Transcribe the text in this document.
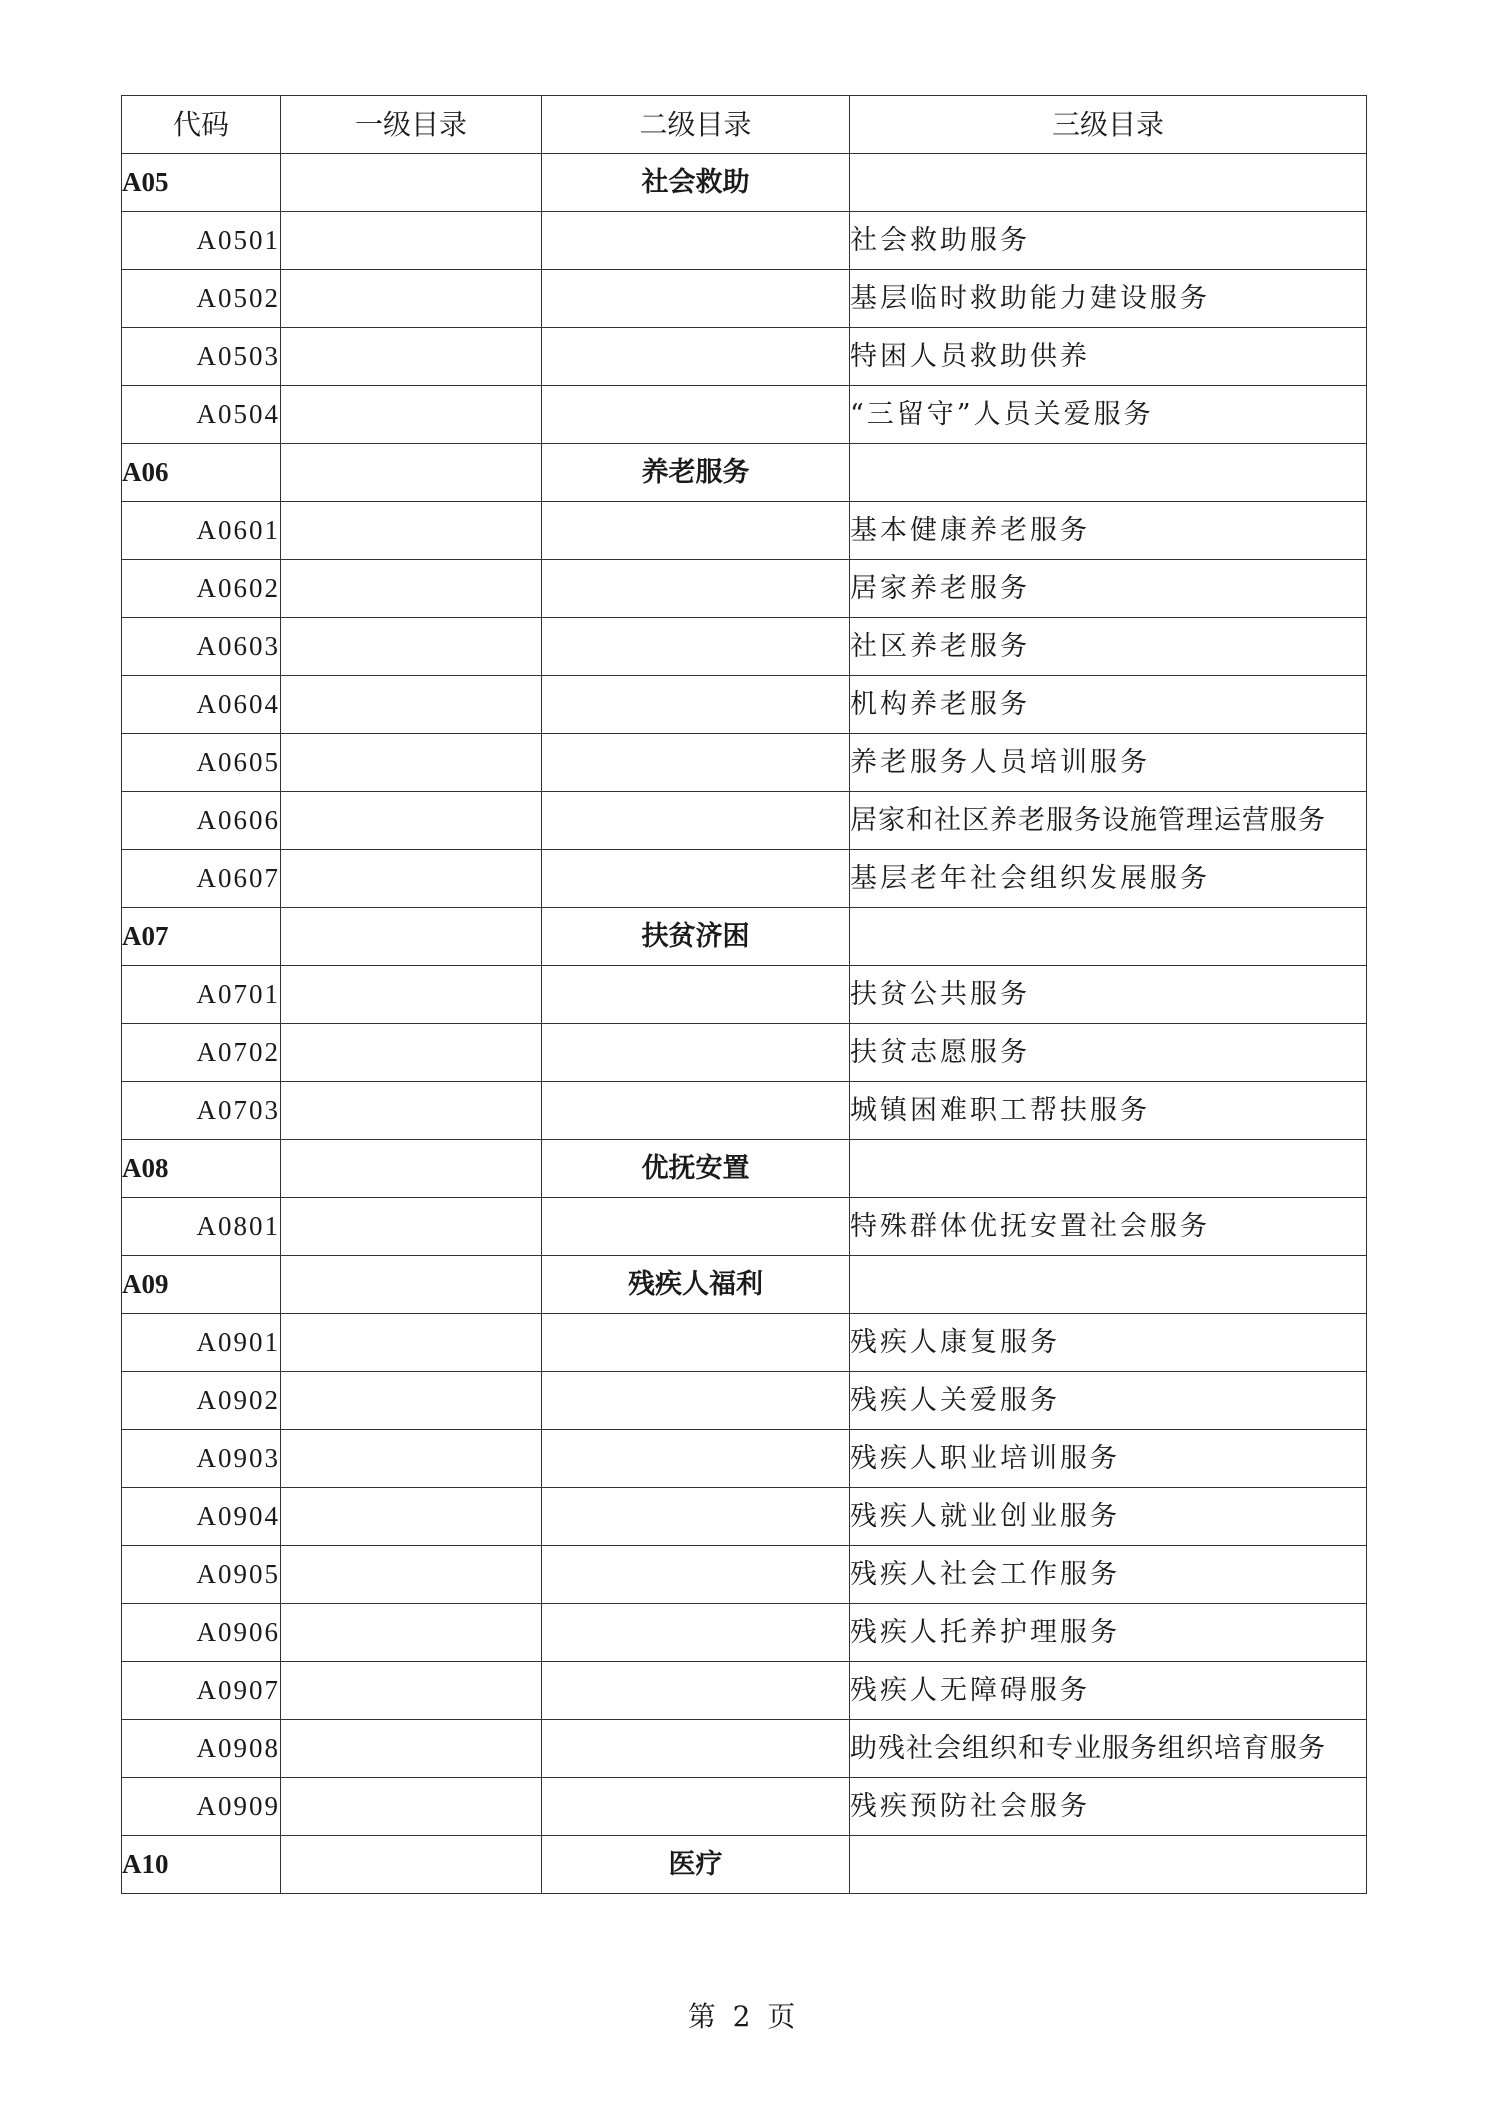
代码	一级目录	二级目录	三级目录
A05		社会救助	
A0501			社会救助服务
A0502			基层临时救助能力建设服务
A0503			特困人员救助供养
A0504			“三留守”人员关爱服务
A06		养老服务	
A0601			基本健康养老服务
A0602			居家养老服务
A0603			社区养老服务
A0604			机构养老服务
A0605			养老服务人员培训服务
A0606			居家和社区养老服务设施管理运营服务
A0607			基层老年社会组织发展服务
A07		扶贫济困	
A0701			扶贫公共服务
A0702			扶贫志愿服务
A0703			城镇困难职工帮扶服务
A08		优抚安置	
A0801			特殊群体优抚安置社会服务
A09		残疾人福利	
A0901			残疾人康复服务
A0902			残疾人关爱服务
A0903			残疾人职业培训服务
A0904			残疾人就业创业服务
A0905			残疾人社会工作服务
A0906			残疾人托养护理服务
A0907			残疾人无障碍服务
A0908			助残社会组织和专业服务组织培育服务
A0909			残疾预防社会服务
A10		医疗	
第 2 页
